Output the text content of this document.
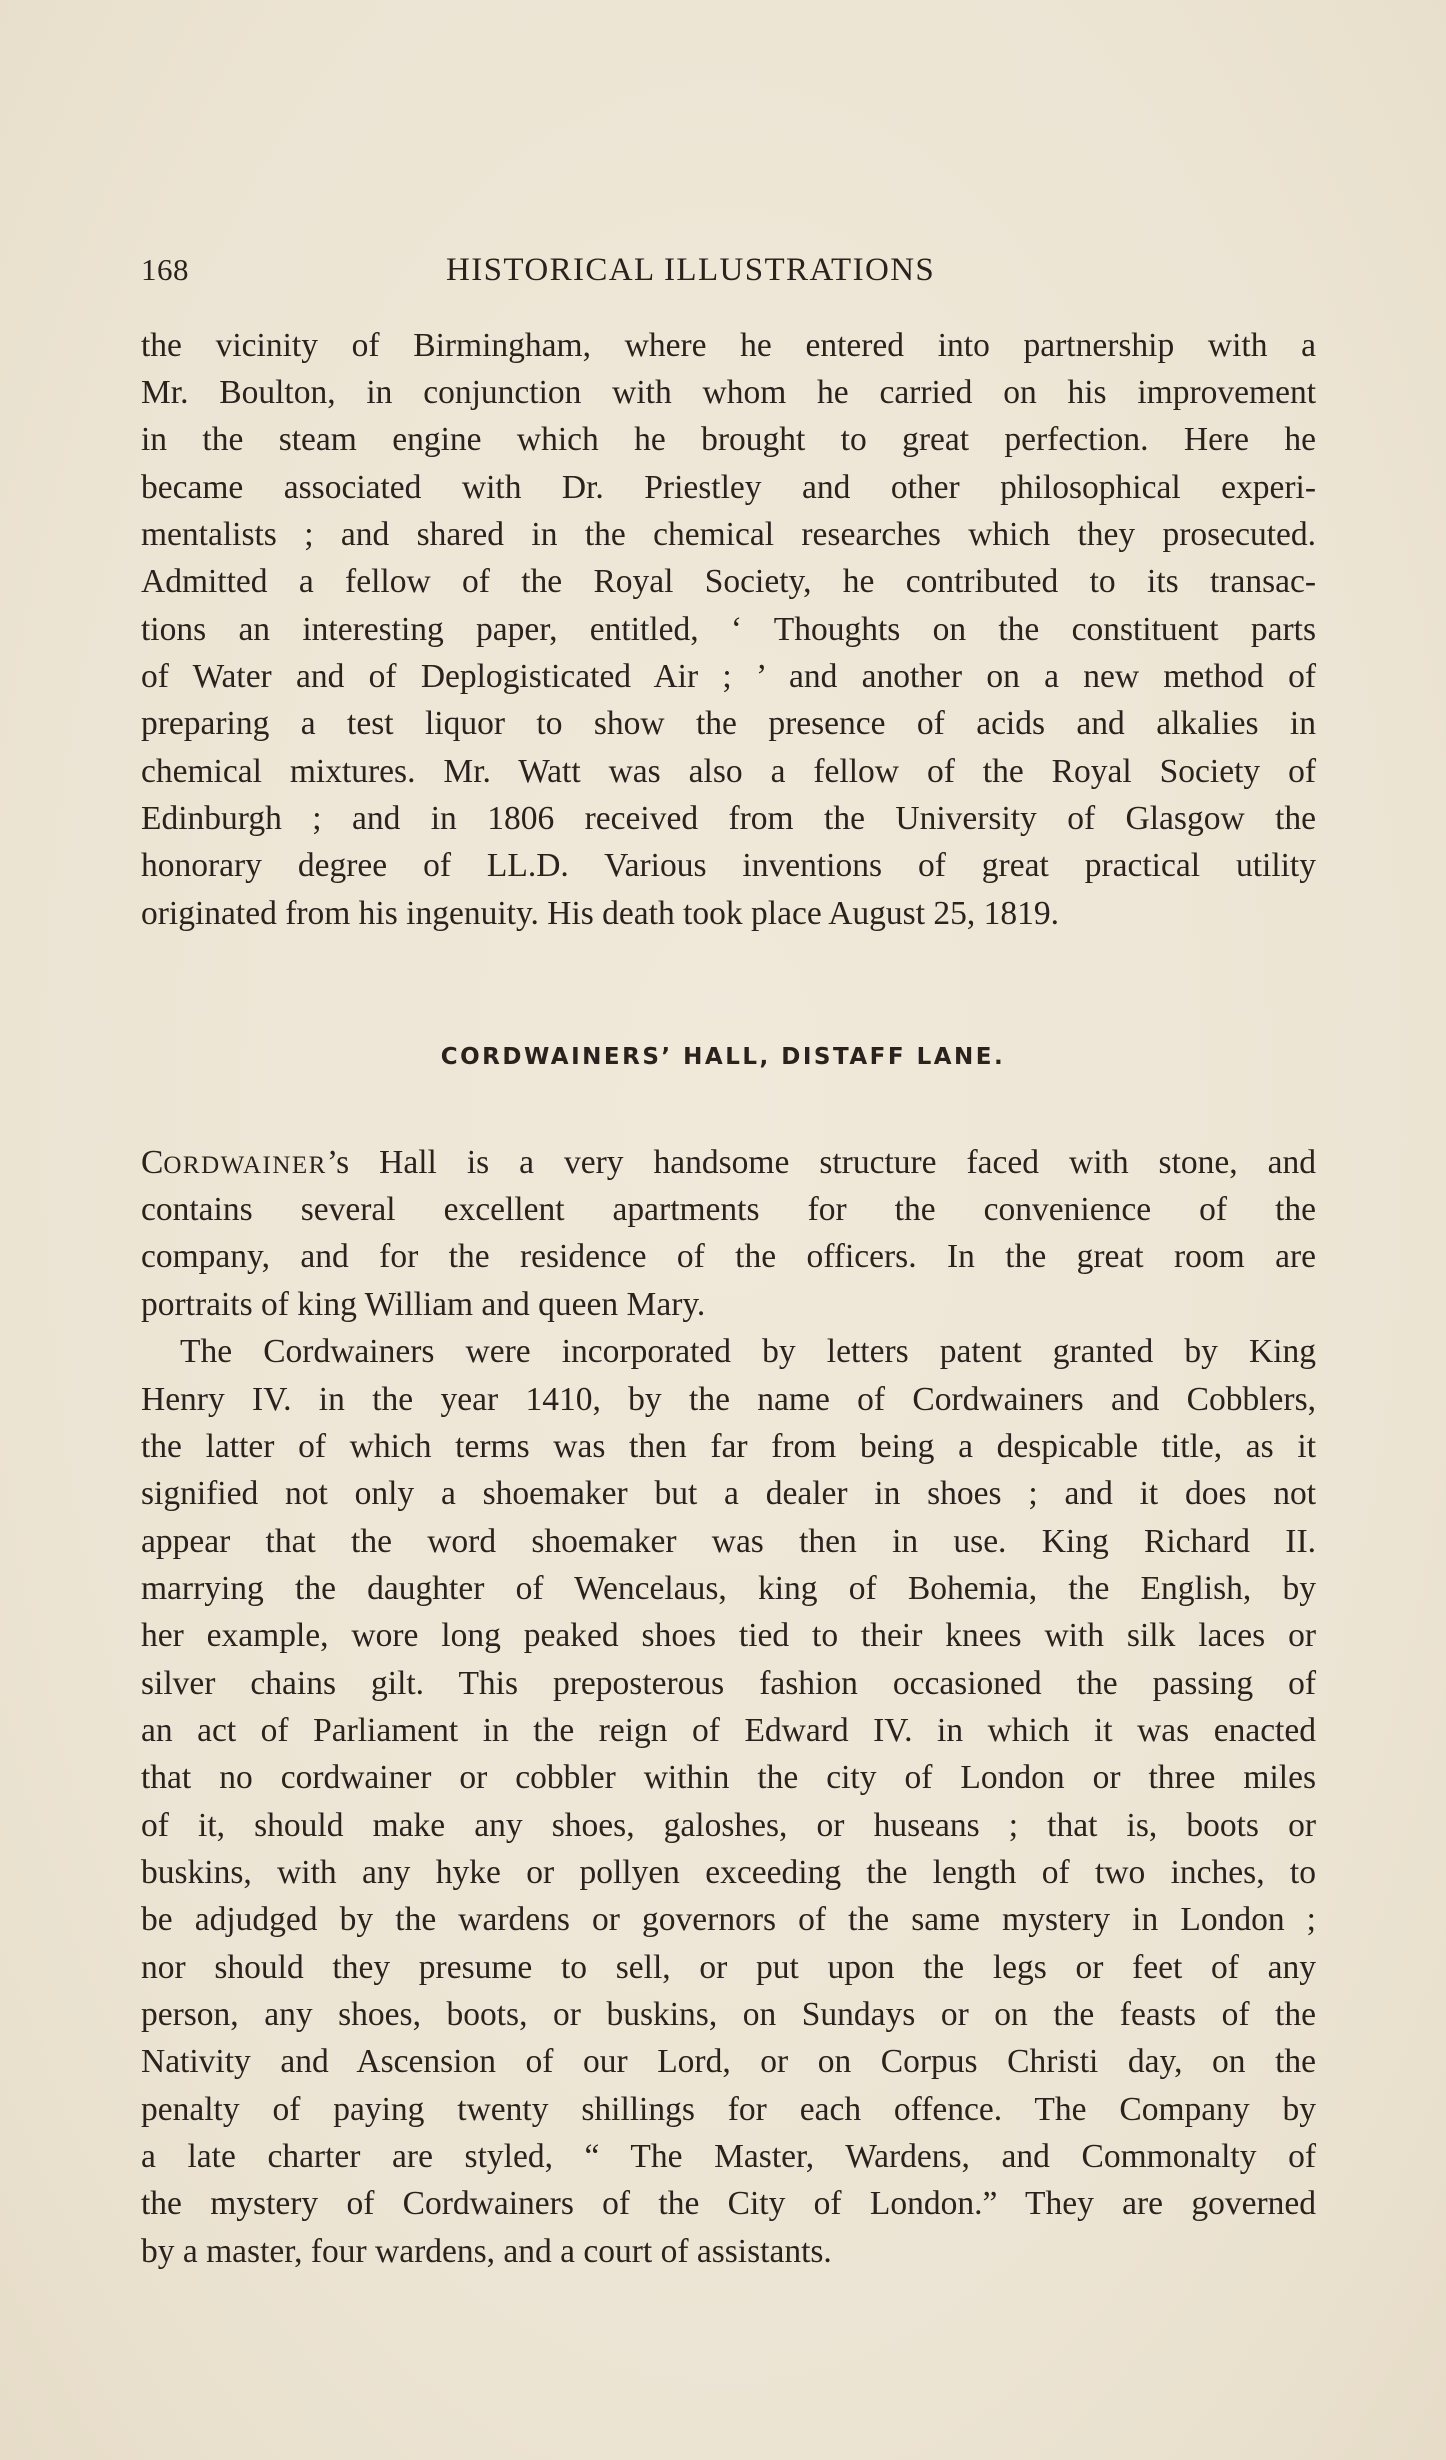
168	HISTORICAL ILLUSTRATIONS
the vicinity of Birmingham, where he entered into partnership with a
Mr. Boulton, in conjunction with whom he carried on his improvement
in the steam engine which he brought to great perfection. Here he
became associated with Dr. Priestley and other philosophical experi-
mentalists ; and shared in the chemical researches which they prosecuted.
Admitted a fellow of the Royal Society, he contributed to its transac-
tions an interesting paper, entitled, ‘ Thoughts on the constituent parts
of Water and of Deplogisticated Air ; ’ and another on a new method of
preparing a test liquor to show the presence of acids and alkalies in
chemical mixtures. Mr. Watt was also a fellow of the Royal Society of
Edinburgh ; and in 1806 received from the University of Glasgow the
honorary degree of LL.D. Various inventions of great practical utility
originated from his ingenuity. His death took place August 25, 1819.
CORDWAINERS’ HALL, DISTAFF LANE.
CORDWAINER’s Hall is a very handsome structure faced with stone, and
contains several excellent apartments for the convenience of the
company, and for the residence of the officers. In the great room are
portraits of king William and queen Mary.
The Cordwainers were incorporated by letters patent granted by King
Henry IV. in the year 1410, by the name of Cordwainers and Cobblers,
the latter of which terms was then far from being a despicable title, as it
signified not only a shoemaker but a dealer in shoes ; and it does not
appear that the word shoemaker was then in use. King Richard II.
marrying the daughter of Wencelaus, king of Bohemia, the English, by
her example, wore long peaked shoes tied to their knees with silk laces or
silver chains gilt. This preposterous fashion occasioned the passing of
an act of Parliament in the reign of Edward IV. in which it was enacted
that no cordwainer or cobbler within the city of London or three miles
of it, should make any shoes, galoshes, or huseans ; that is, boots or
buskins, with any hyke or pollyen exceeding the length of two inches, to
be adjudged by the wardens or governors of the same mystery in London ;
nor should they presume to sell, or put upon the legs or feet of any
person, any shoes, boots, or buskins, on Sundays or on the feasts of the
Nativity and Ascension of our Lord, or on Corpus Christi day, on the
penalty of paying twenty shillings for each offence. The Company by
a late charter are styled, “ The Master, Wardens, and Commonalty of
the mystery of Cordwainers of the City of London.” They are governed
by a master, four wardens, and a court of assistants.
